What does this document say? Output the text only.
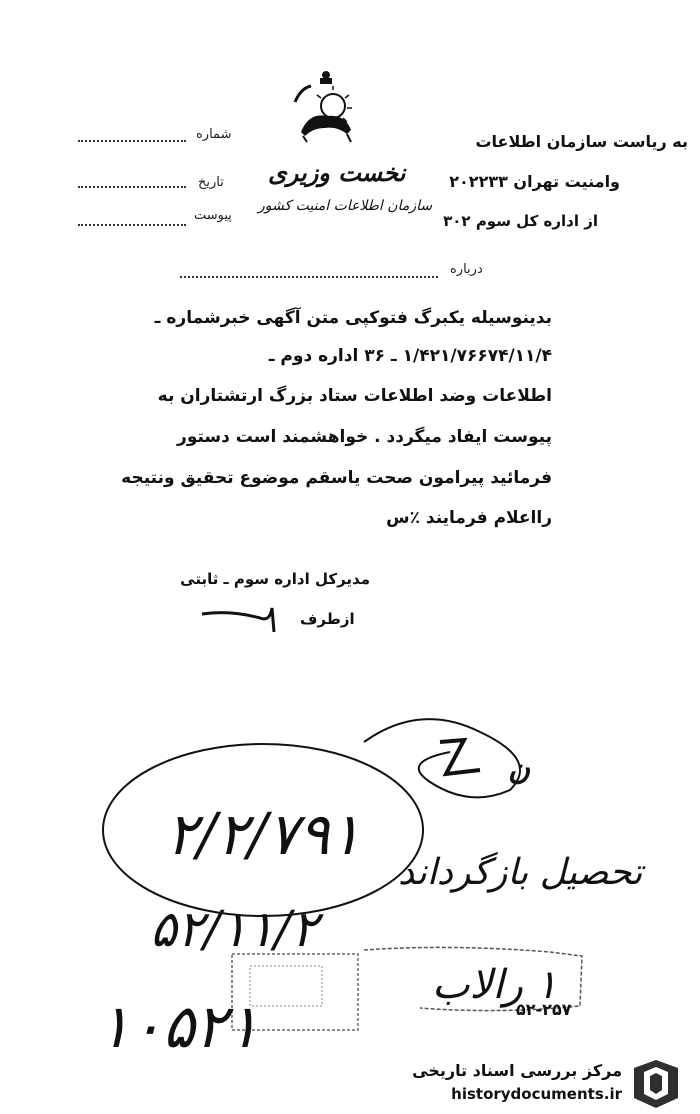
شماره
تاریخ
پیوست
نخست وزیری
سازمان اطلاعات امنیت کشور
به ریاست سازمان اطلاعات
وامنیت تهران ۲۰۲۲۳۳
از اداره کل سوم ۳۰۲
درباره
بدینوسیله یکبرگ فتوکپی متن آگهی خبرشماره ـ
۱/۴۲۱/۷۶۶۷۴/۱۱/۴ ـ ۳۶ اداره دوم ـ
اطلاعات وضد اطلاعات ستاد بزرگ ارتشتاران به
پیوست ایفاد میگردد . خواهشمند است دستور
فرمائید پیرامون صحت یاسقم موضوع تحقیق ونتیجه
رااعلام فرمایند ٪س
مدیرکل اداره سوم ـ ثابتی
ازطرف
ن
۲/۲/۷۹۱
تحصیل بازگرداند
۵۲/۱۱/۲
۱ رالاب
۵۲-۲۵۷
۱۰۵۲۱
مرکز بررسی اسناد تاریخی
historydocuments.ir
